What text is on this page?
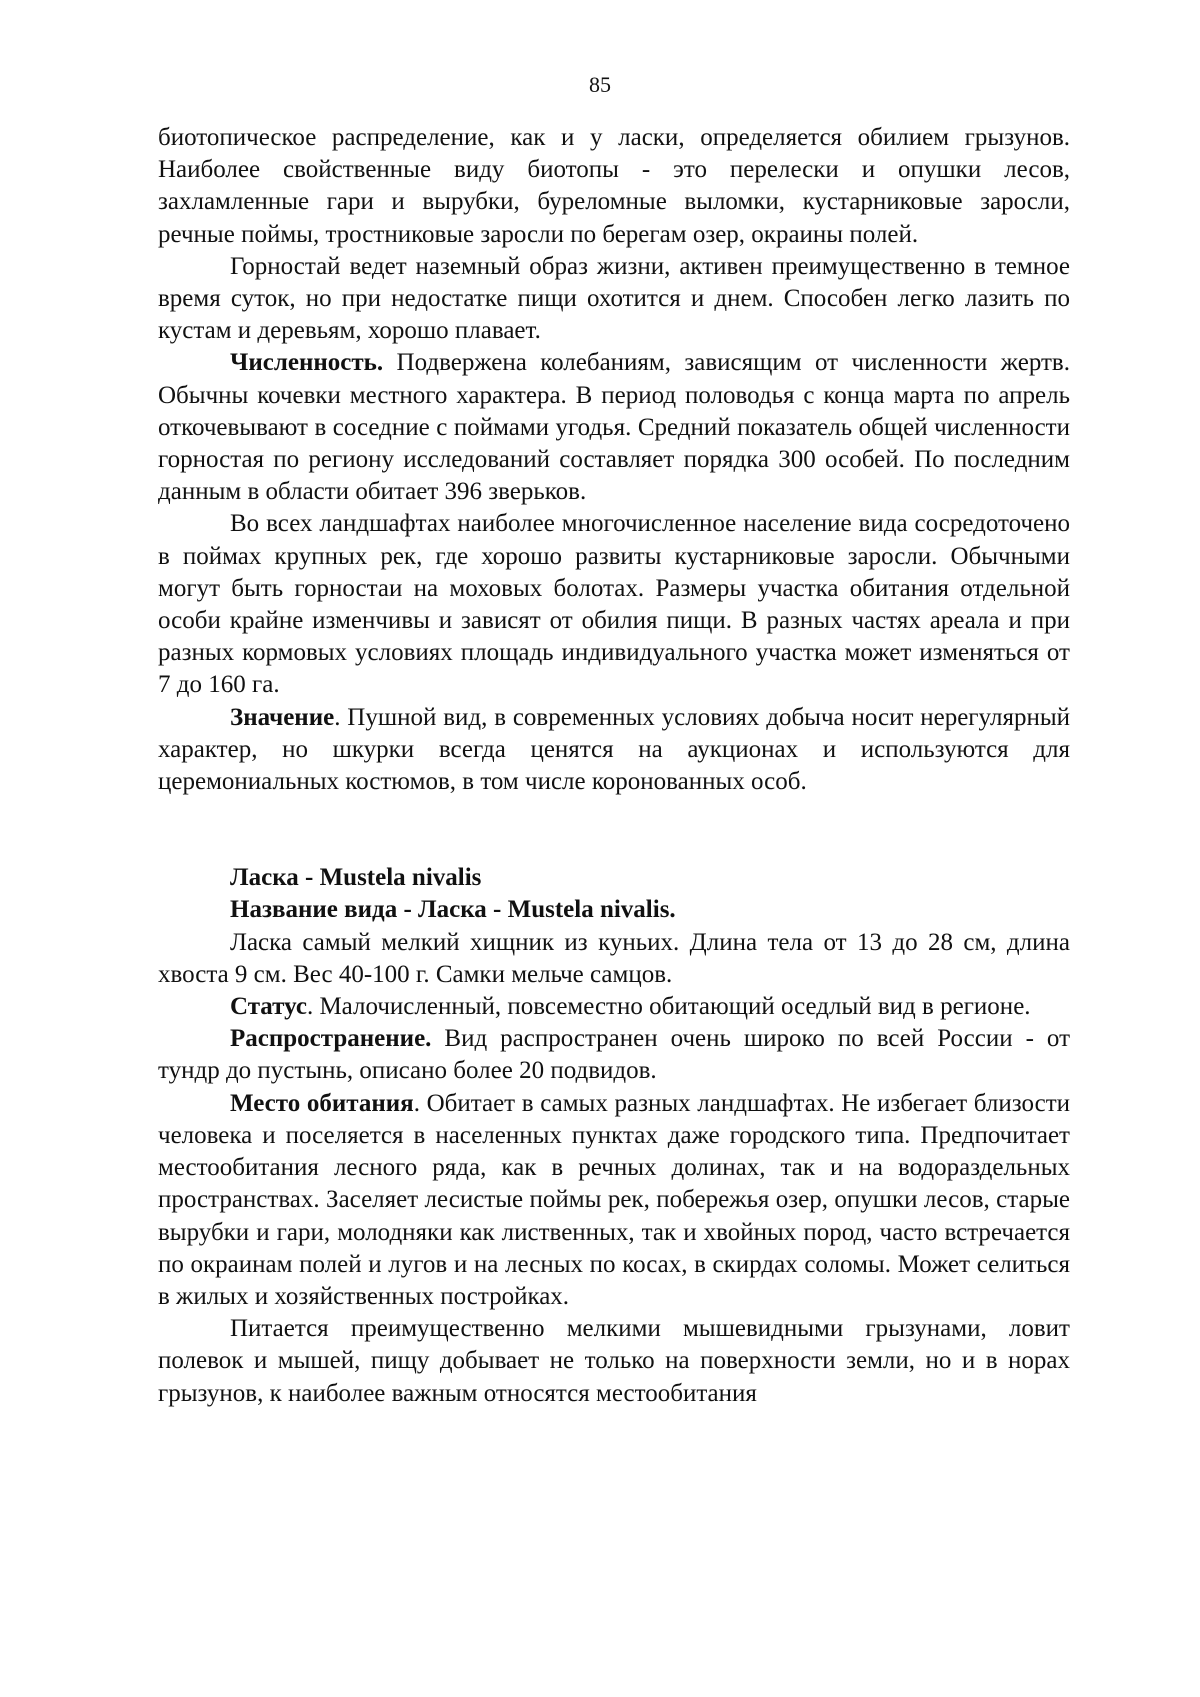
85

биотопическое распределение, как и у ласки, определяется обилием грызунов. Наиболее свойственные виду биотопы - это перелески и опушки лесов, захламленные гари и вырубки, буреломные выломки, кустарниковые заросли, речные поймы, тростниковые заросли по берегам озер, окраины полей.

Горностай ведет наземный образ жизни, активен преимущественно в темное время суток, но при недостатке пищи охотится и днем. Способен легко лазить по кустам и деревьям, хорошо плавает.

Численность. Подвержена колебаниям, зависящим от численности жертв. Обычны кочевки местного характера. В период половодья с конца марта по апрель откочевывают в соседние с поймами угодья. Средний показатель общей численности горностая по региону исследований составляет порядка 300 особей. По последним данным в области обитает 396 зверьков.

Во всех ландшафтах наиболее многочисленное население вида сосредоточено в поймах крупных рек, где хорошо развиты кустарниковые заросли. Обычными могут быть горностаи на моховых болотах. Размеры участка обитания отдельной особи крайне изменчивы и зависят от обилия пищи. В разных частях ареала и при разных кормовых условиях площадь индивидуального участка может изменяться от 7 до 160 га.

Значение. Пушной вид, в современных условиях добыча носит нерегулярный характер, но шкурки всегда ценятся на аукционах и используются для церемониальных костюмов, в том числе коронованных особ.

Ласка - Mustela nivalis

Название вида - Ласка - Mustela nivalis.

Ласка самый мелкий хищник из куньих. Длина тела от 13 до 28 см, длина хвоста 9 см. Вес 40-100 г. Самки мельче самцов.

Статус. Малочисленный, повсеместно обитающий оседлый вид в регионе.

Распространение. Вид распространен очень широко по всей России - от тундр до пустынь, описано более 20 подвидов.

Место обитания. Обитает в самых разных ландшафтах. Не избегает близости человека и поселяется в населенных пунктах даже городского типа. Предпочитает местообитания лесного ряда, как в речных долинах, так и на водораздельных пространствах. Заселяет лесистые поймы рек, побережья озер, опушки лесов, старые вырубки и гари, молодняки как лиственных, так и хвойных пород, часто встречается по окраинам полей и лугов и на лесных по косах, в скирдах соломы. Может селиться в жилых и хозяйственных постройках.

Питается преимущественно мелкими мышевидными грызунами, ловит полевок и мышей, пищу добывает не только на поверхности земли, но и в норах грызунов, к наиболее важным относятся местообитания
